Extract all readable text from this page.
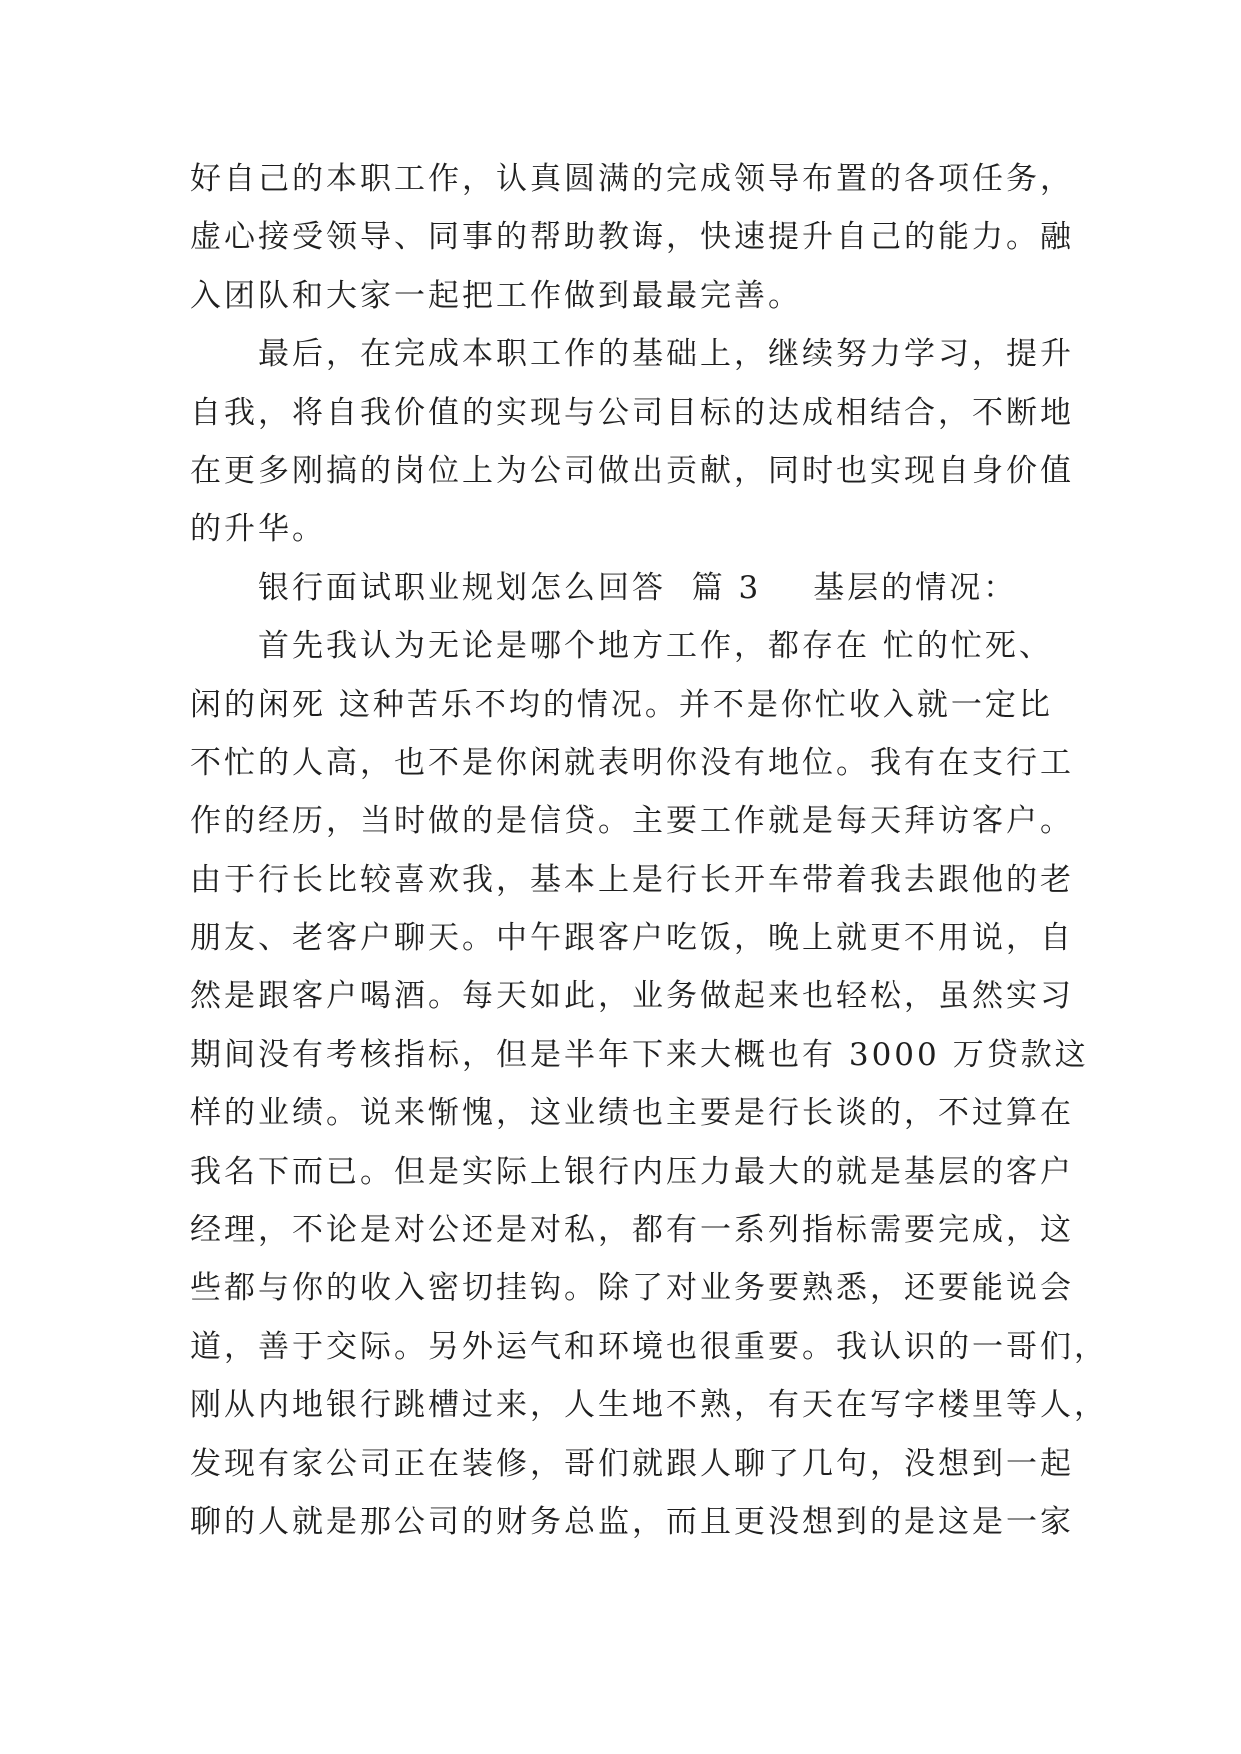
好自己的本职工作，认真圆满的完成领导布置的各项任务，
虚心接受领导、同事的帮助教诲，快速提升自己的能力。融
入团队和大家一起把工作做到最最完善。
　　最后，在完成本职工作的基础上，继续努力学习，提升
自我，将自我价值的实现与公司目标的达成相结合，不断地
在更多刚搞的岗位上为公司做出贡献，同时也实现自身价值
的升华。
　　银行面试职业规划怎么回答  篇 3 基层的情况：
　　首先我认为无论是哪个地方工作，都存在 忙的忙死、
闲的闲死 这种苦乐不均的情况。并不是你忙收入就一定比
不忙的人高，也不是你闲就表明你没有地位。我有在支行工
作的经历，当时做的是信贷。主要工作就是每天拜访客户。
由于行长比较喜欢我，基本上是行长开车带着我去跟他的老
朋友、老客户聊天。中午跟客户吃饭，晚上就更不用说，自
然是跟客户喝酒。每天如此，业务做起来也轻松，虽然实习
期间没有考核指标，但是半年下来大概也有 3000 万贷款这
样的业绩。说来惭愧，这业绩也主要是行长谈的，不过算在
我名下而已。但是实际上银行内压力最大的就是基层的客户
经理，不论是对公还是对私，都有一系列指标需要完成，这
些都与你的收入密切挂钩。除了对业务要熟悉，还要能说会
道，善于交际。另外运气和环境也很重要。我认识的一哥们，
刚从内地银行跳槽过来，人生地不熟，有天在写字楼里等人，
发现有家公司正在装修，哥们就跟人聊了几句，没想到一起
聊的人就是那公司的财务总监，而且更没想到的是这是一家
